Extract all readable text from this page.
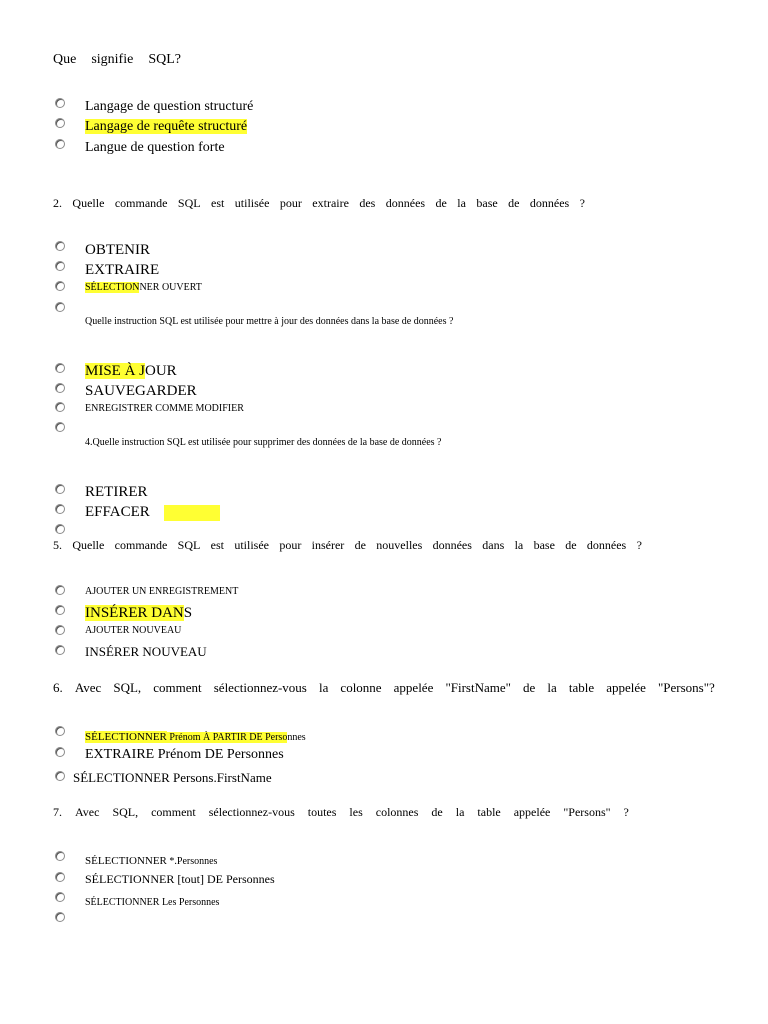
Que signifie SQL?
Langage de question structuré
Langage de requête structuré
Langue de question forte
2. Quelle commande SQL est utilisée pour extraire des données de la base de données ?
OBTENIR
EXTRAIRE
SÉLECTIONNER OUVERT
Quelle instruction SQL est utilisée pour mettre à jour des données dans la base de données ?
MISE À JOUR
SAUVEGARDER
ENREGISTRER COMME MODIFIER
4.Quelle instruction SQL est utilisée pour supprimer des données de la base de données ?
RETIRER
EFFACER
5. Quelle commande SQL est utilisée pour insérer de nouvelles données dans la base de données ?
AJOUTER UN ENREGISTREMENT
INSÉRER DANS
AJOUTER NOUVEAU
INSÉRER NOUVEAU
6. Avec SQL, comment sélectionnez-vous la colonne appelée "FirstName" de la table appelée "Persons"?
SÉLECTIONNER Prénom À PARTIR DE Personnes
EXTRAIRE Prénom DE Personnes
SÉLECTIONNER Persons.FirstName
7. Avec SQL, comment sélectionnez-vous toutes les colonnes de la table appelée "Persons" ?
SÉLECTIONNER *.Personnes
SÉLECTIONNER [tout] DE Personnes
SÉLECTIONNER Les Personnes
